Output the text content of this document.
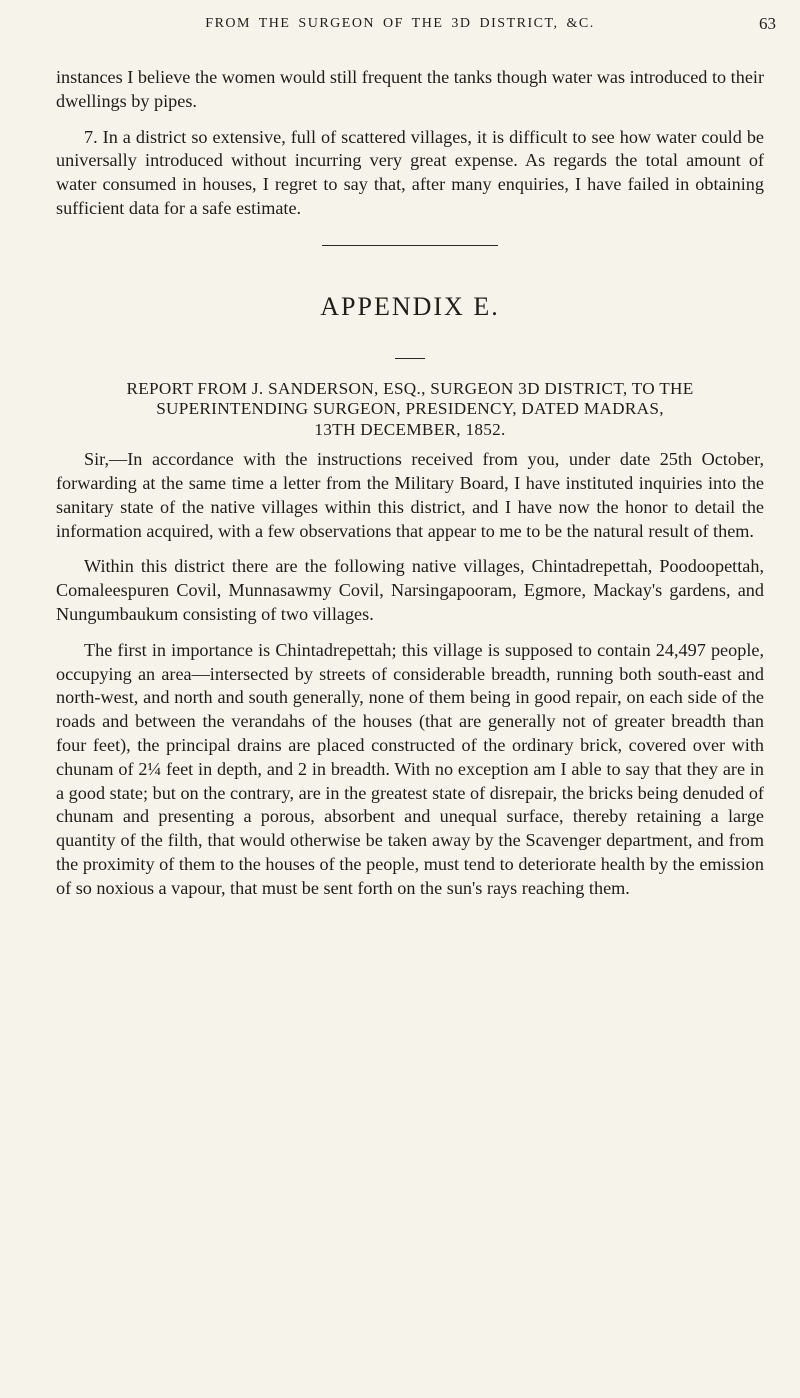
FROM THE SURGEON OF THE 3D DISTRICT, &C.	63

instances I believe the women would still frequent the tanks though water was introduced to their dwellings by pipes.

7. In a district so extensive, full of scattered villages, it is difficult to see how water could be universally introduced without incurring very great expense. As regards the total amount of water consumed in houses, I regret to say that, after many enquiries, I have failed in obtaining sufficient data for a safe estimate.

APPENDIX E.
REPORT FROM J. SANDERSON, ESQ., SURGEON 3D DISTRICT, TO THE
SUPERINTENDING SURGEON, PRESIDENCY, DATED MADRAS,
13TH DECEMBER, 1852.

Sir,—In accordance with the instructions received from you, under date 25th October, forwarding at the same time a letter from the Military Board, I have instituted inquiries into the sanitary state of the native villages within this district, and I have now the honor to detail the information acquired, with a few observations that appear to me to be the natural result of them.

Within this district there are the following native villages, Chintadrepettah, Poodoopettah, Comaleespuren Covil, Munnasawmy Covil, Narsingapooram, Egmore, Mackay's gardens, and Nungumbaukum consisting of two villages.

The first in importance is Chintadrepettah; this village is supposed to contain 24,497 people, occupying an area—intersected by streets of considerable breadth, running both south-east and north-west, and north and south generally, none of them being in good repair, on each side of the roads and between the verandahs of the houses (that are generally not of greater breadth than four feet), the principal drains are placed constructed of the ordinary brick, covered over with chunam of 2¼ feet in depth, and 2 in breadth. With no exception am I able to say that they are in a good state; but on the contrary, are in the greatest state of disrepair, the bricks being denuded of chunam and presenting a porous, absorbent and unequal surface, thereby retaining a large quantity of the filth, that would otherwise be taken away by the Scavenger department, and from the proximity of them to the houses of the people, must tend to deteriorate health by the emission of so noxious a vapour, that must be sent forth on the sun's rays reaching them.
